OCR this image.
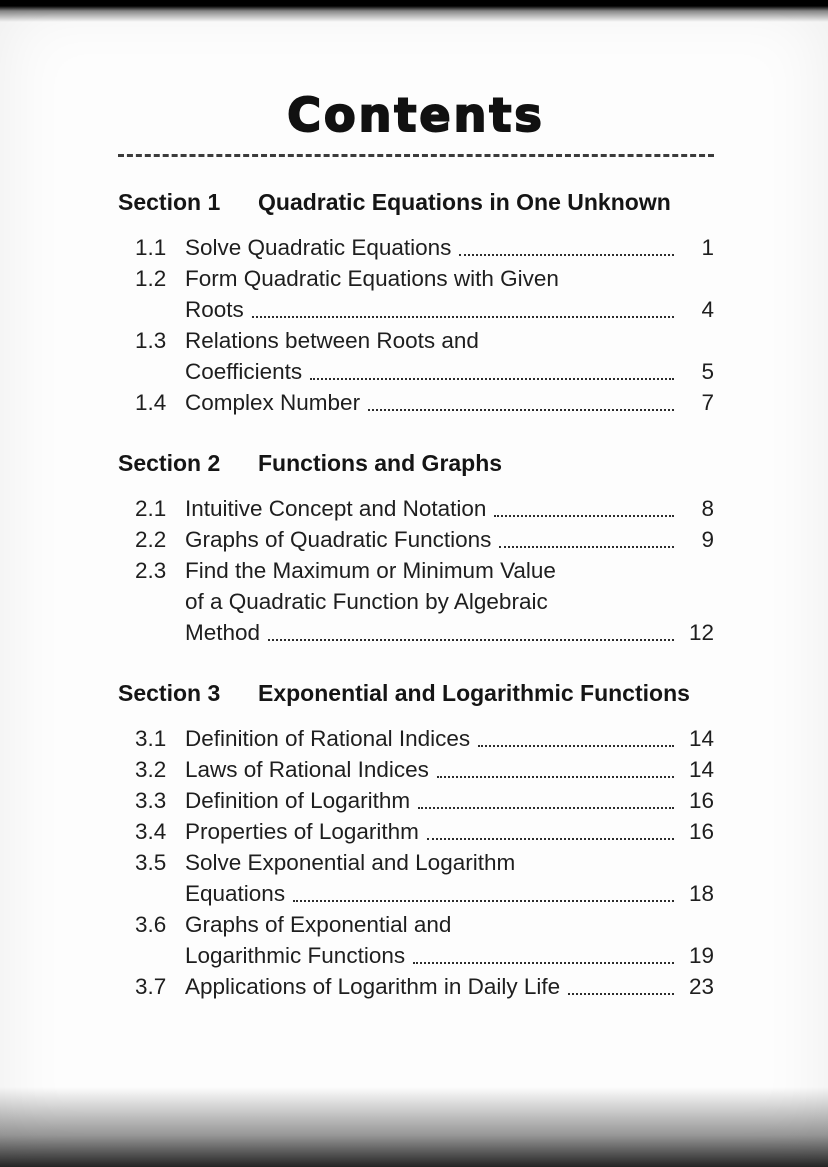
Contents
Section 1	Quadratic Equations in One Unknown
1.1 Solve Quadratic Equations	1
1.2 Form Quadratic Equations with Given
Roots	4
1.3 Relations between Roots and
Coefficients	5
1.4 Complex Number	7
Section 2	Functions and Graphs
2.1 Intuitive Concept and Notation	8
2.2 Graphs of Quadratic Functions	9
2.3 Find the Maximum or Minimum Value
of a Quadratic Function by Algebraic
Method	12
Section 3	Exponential and Logarithmic Functions
3.1 Definition of Rational Indices	14
3.2 Laws of Rational Indices	14
3.3 Definition of Logarithm	16
3.4 Properties of Logarithm	16
3.5 Solve Exponential and Logarithm
Equations	18
3.6 Graphs of Exponential and
Logarithmic Functions	19
3.7 Applications of Logarithm in Daily Life	23
